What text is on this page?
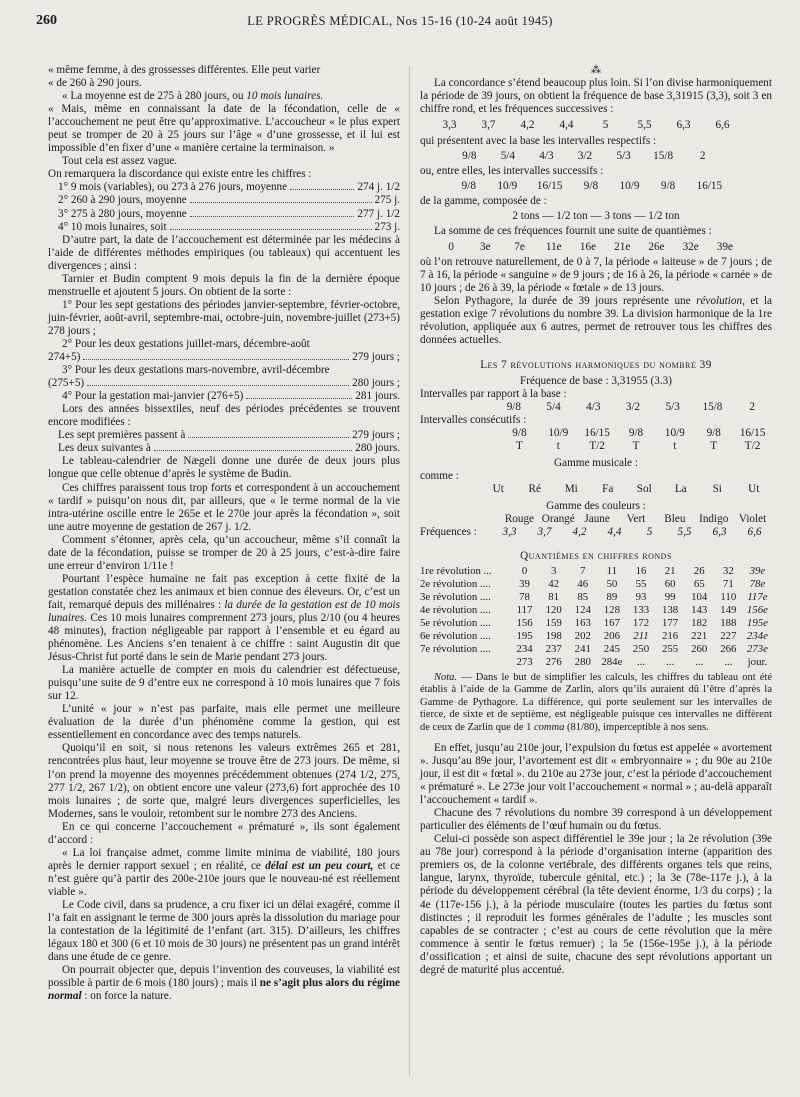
260	LE PROGRÈS MÉDICAL, Nos 15-16 (10-24 août 1945)

« même femme, à des grossesses différentes. Elle peut varier

« de 260 à 290 jours.

« La moyenne est de 275 à 280 jours, ou 10 mois lunaires.

« Mais, même en connaissant la date de la fécondation, celle de « l’accouchement ne peut être qu’approximative. L’accoucheur « le plus expert peut se tromper de 20 à 25 jours sur l’âge « d’une grossesse, et il lui est impossible d’en fixer d’une « manière certaine la terminaison. »

Tout cela est assez vague.

On remarquera la discordance qui existe entre les chiffres :

1° 9 mois (variables), ou 273 à 276 jours, moyenne	274 j. 1/2
2° 260 à 290 jours, moyenne	275 j.
3° 275 à 280 jours, moyenne	277 j. 1/2
4° 10 mois lunaires, soit	273 j.

D’autre part, la date de l’accouchement est déterminée par les médecins à l’aide de différentes méthodes empiriques (ou tableaux) qui accentuent les divergences ; ainsi :

Tarnier et Budin comptent 9 mois depuis la fin de la dernière époque menstruelle et ajoutent 5 jours. On obtient de la sorte :

1° Pour les sept gestations des périodes janvier-septembre, février-octobre, juin-février, août-avril, septembre-mai, octobre-juin, novembre-juillet (273+5) 278 jours ;

2° Pour les deux gestations juillet-mars, décembre-août

274+5)	279 jours ;

3° Pour les deux gestations mars-novembre, avril-décembre

(275+5)	280 jours ;
4° Pour la gestation mai-janvier (276+5)	281 jours.

Lors des années bissextiles, neuf des périodes précédentes se trouvent encore modifiées :

Les sept premières passent à	279 jours ;
Les deux suivantes à	280 jours.

Le tableau-calendrier de Nægeli donne une durée de deux jours plus longue que celle obtenue d’après le système de Budin.

Ces chiffres paraissent tous trop forts et correspondent à un accouchement « tardif » puisqu’on nous dit, par ailleurs, que « le terme normal de la vie intra-utérine oscille entre le 265e et le 270e jour après la fécondation », soit une autre moyenne de gestation de 267 j. 1/2.

Comment s’étonner, après cela, qu’un accoucheur, même s’il connaît la date de la fécondation, puisse se tromper de 20 à 25 jours, c’est-à-dire faire une erreur d’environ 1/11e !

Pourtant l’espèce humaine ne fait pas exception à cette fixité de la gestation constatée chez les animaux et bien connue des éleveurs. Or, c’est un fait, remarqué depuis des millénaires : la durée de la gestation est de 10 mois lunaires. Ces 10 mois lunaires comprennent 273 jours, plus 2/10 (ou 4 heures 48 minutes), fraction négligeable par rapport à l’ensemble et eu égard au phénomène. Les Anciens s’en tenaient à ce chiffre : saint Augustin dit que Jésus-Christ fut porté dans le sein de Marie pendant 273 jours.

La manière actuelle de compter en mois du calendrier est défectueuse, puisqu’une suite de 9 d’entre eux ne correspond à 10 mois lunaires que 7 fois sur 12.

L’unité « jour » n’est pas parfaite, mais elle permet une meilleure évaluation de la durée d’un phénomène comme la gestion, qui est essentiellement en concordance avec des temps naturels.

Quoiqu’il en soit, si nous retenons les valeurs extrêmes 265 et 281, rencontrées plus haut, leur moyenne se trouve être de 273 jours. De même, si l’on prend la moyenne des moyennes précédemment obtenues (274 1/2, 275, 277 1/2, 267 1/2), on obtient encore une valeur (273,6) fort approchée des 10 mois lunaires ; de sorte que, malgré leurs divergences superficielles, les Modernes, sans le vouloir, retombent sur le nombre 273 des Anciens.

En ce qui concerne l’accouchement « prématuré », ils sont également d’accord :

« La loi française admet, comme limite minima de viabilité, 180 jours après le dernier rapport sexuel ; en réalité, ce délai est un peu court, et ce n’est guère qu’à partir des 200e-210e jours que le nouveau-né est réellement viable ».

Le Code civil, dans sa prudence, a cru fixer ici un délai exagéré, comme il l’a fait en assignant le terme de 300 jours après la dissolution du mariage pour la contestation de la légitimité de l’enfant (art. 315). D’ailleurs, les chiffres légaux 180 et 300 (6 et 10 mois de 30 jours) ne présentent pas un grand intérêt dans une étude de ce genre.

On pourrait objecter que, depuis l’invention des couveuses, la viabilité est possible à partir de 6 mois (180 jours) ; mais il ne s’agit plus alors du régime normal : on force la nature.

⁂

La concordance s’étend beaucoup plus loin. Si l’on divise harmoniquement la période de 39 jours, on obtient la fréquence de base 3,31915 (3,3), soit 3 en chiffre rond, et les fréquences successives :

3,3 3,7 4,2 4,4	5	5,5 6,3 6,6

qui présentent avec la base les intervalles respectifs :

9/8 5/4 4/3 3/2 5/3 15/8	2

ou, entre elles, les intervalles successifs :

9/8 10/9 16/15 9/8 10/9 9/8 16/15

de la gamme, composée de :

2 tons — 1/2 ton — 3 tons — 1/2 ton

La somme de ces fréquences fournit une suite de quantièmes :

0	3e	7e	11e 16e 21e 26e 32e 39e

où l’on retrouve naturellement, de 0 à 7, la période « laiteuse » de 7 jours ; de 7 à 16, la période « sanguine » de 9 jours ; de 16 à 26, la période « carnée » de 10 jours ; de 26 à 39, la période « fœtale » de 13 jours.

Selon Pythagore, la durée de 39 jours représente une révolution, et la gestation exige 7 révolutions du nombre 39. La division harmonique de la 1re révolution, appliquée aux 6 autres, permet de retrouver tous les chiffres des données actuelles.

Les 7 révolutions harmoniques du nombre 39

Fréquence de base : 3,31955 (3.3)

Intervalles par rapport à la base :

9/8	5/4	4/3	3/2	5/3	15/8	2

Intervalles consécutifs :

9/8	10/9	16/15	9/8	10/9	9/8	16/15
T	t	T/2	T	t	T	T/2

Gamme musicale :

comme :

Ut	Ré	Mi	Fa	Sol	La	Si	Ut

Gamme des couleurs :

Rouge Orangé Jaune	Vert	Bleu	Indigo Violet
Fréquences :	3,3	3,7	4,2	4,4	5	5,5	6,3	6,6

Quantièmes en chiffres ronds

1re révolution ...	0	3	7	11	16	21	26	32	39e
2e révolution ....	39	42	46	50	55	60	65	71	78e
3e révolution ....	78	81	85	89	93	99	104	110	117e
4e révolution ....	117	120	124	128	133	138	143	149 156e
5e révolution ....	156	159	163	167	172	177	182	188 195e
6e révolution ....	195	198	202	206	211	216	221	227 234e
7e révolution ....	234	237	241	245	250	255	260	266 273e
273	276	280 284e	...	...	...	...	jour.

Nota. — Dans le but de simplifier les calculs, les chiffres du tableau ont été établis à l’aide de la Gamme de Zarlin, alors qu’ils auraient dû l’être d’après la Gamme de Pythagore. La différence, qui porte seulement sur les intervalles de tierce, de sixte et de septième, est négligeable puisque ces intervalles ne diffèrent de ceux de Zarlin que de 1 comma (81/80), imperceptible à nos sens.

En effet, jusqu’au 210e jour, l’expulsion du fœtus est appelée « avortement ». Jusqu’au 89e jour, l’avortement est dit « embryonnaire » ; du 90e au 210e jour, il est dit « fœtal ». du 210e au 273e jour, c’est la période d’accouchement « prématuré ». Le 273e jour voit l’accouchement « normal » ; au-delà apparaît l’accouchement « tardif ».

Chacune des 7 révolutions du nombre 39 correspond à un développement particulier des éléments de l’œuf humain ou du fœtus.

Celui-ci possède son aspect différentiel le 39e jour ; la 2e révolution (39e au 78e jour) correspond à la période d’organisation interne (apparition des premiers os, de la colonne vertébrale, des différents organes tels que reins, langue, larynx, thyroïde, tubercule génital, etc.) ; la 3e (78e-117e j.), à la période du développement cérébral (la tête devient énorme, 1/3 du corps) ; la 4e (117e-156 j.), à la période musculaire (toutes les parties du fœtus sont distinctes ; il reproduit les formes générales de l’adulte ; les muscles sont capables de se contracter ; c’est au cours de cette révolution que la mère commence à sentir le fœtus remuer) ; la 5e (156e-195e j.), à la période d’ossification ; et ainsi de suite, chacune des sept révolutions apportant un degré de maturité plus accentué.
